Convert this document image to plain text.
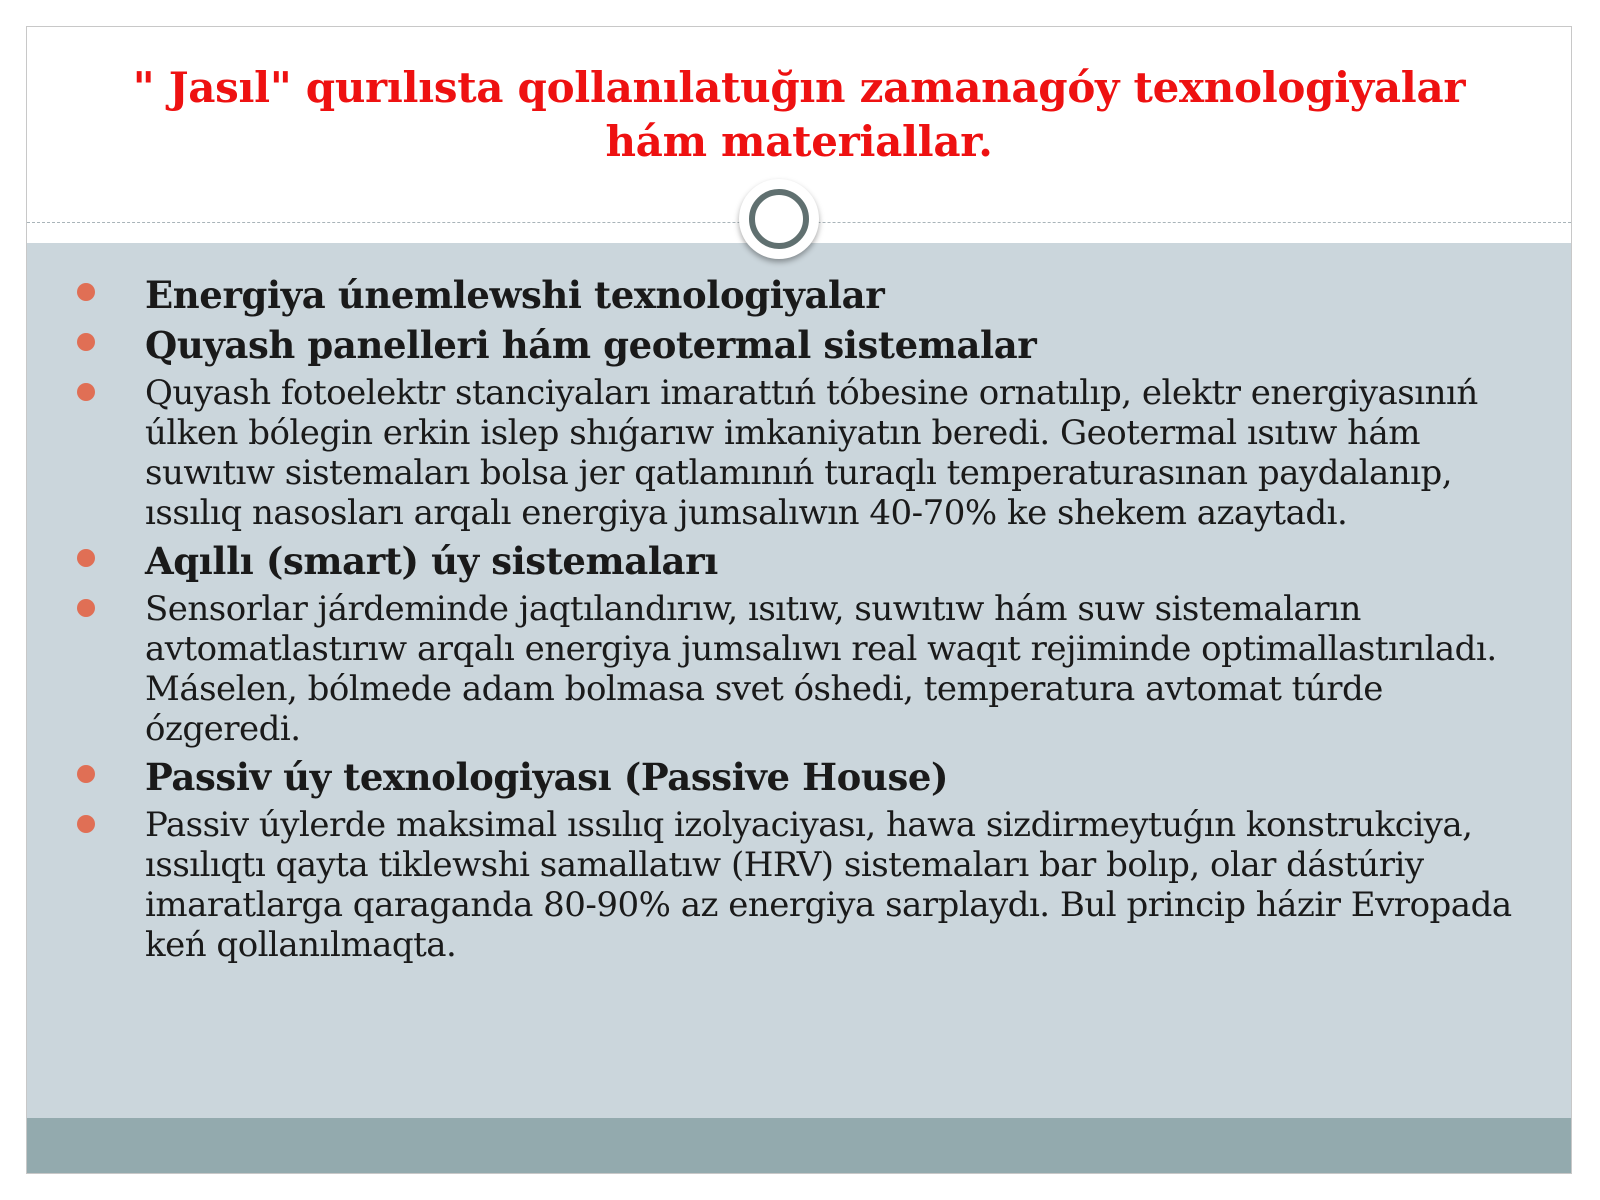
" Jasıl" qurılısta qollanılatuğın zamanagóy texnologiyalar hám materiallar.
Energiya únemlewshi texnologiyalar
Quyash panelleri hám geotermal sistemalar
Quyash fotoelektr stanciyaları imarattıń tóbesine ornatılıp, elektr energiyasınıń úlken bólegin erkin islep shıǵarıw imkaniyatın beredi. Geotermal ısıtıw hám suwıtıw sistemaları bolsa jer qatlamınıń turaqlı temperaturasınan paydalanıp, ıssılıq nasosları arqalı energiya jumsalıwın 40-70% ke shekem azaytadı.
Aqıllı (smart) úy sistemaları
Sensorlar járdeminde jaqtılandırıw, ısıtıw, suwıtıw hám suw sistemaların avtomatlastırıw arqalı energiya jumsalıwı real waqıt rejiminde optimallastırıladı. Máselen, bólmede adam bolmasa svet óshedi, temperatura avtomat túrde ózgeredi.
Passiv úy texnologiyası (Passive House)
Passiv úylerde maksimal ıssılıq izolyaciyası, hawa sizdirmeytuǵın konstrukciya, ıssılıqtı qayta tiklewshi samallatıw (HRV) sistemaları bar bolıp, olar dástúriy imaratlarga qaraganda 80-90% az energiya sarplaydı. Bul princip házir Evropada keń qollanılmaqta.
